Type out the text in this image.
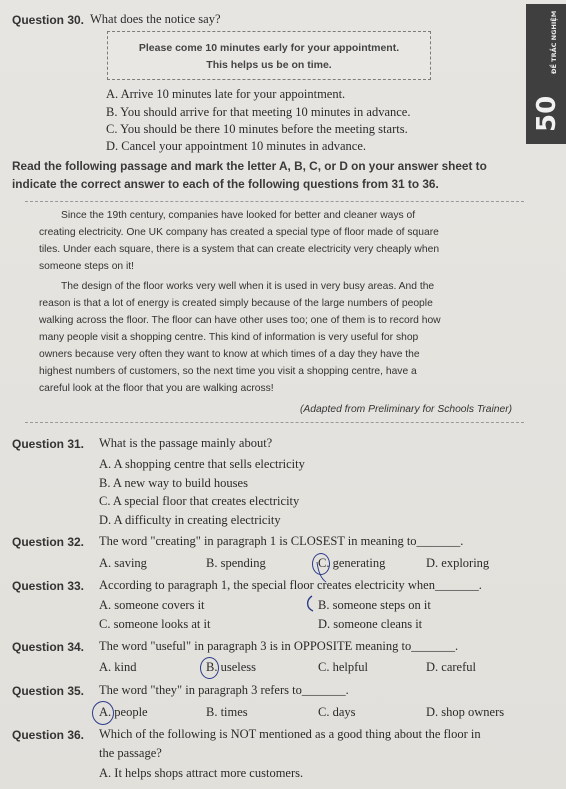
Question 30. What does the notice say?
Please come 10 minutes early for your appointment.
This helps us be on time.
A. Arrive 10 minutes late for your appointment.
B. You should arrive for that meeting 10 minutes in advance.
C. You should be there 10 minutes before the meeting starts.
D. Cancel your appointment 10 minutes in advance.
ĐỀ TRẮC NGHIỆM
50
Read the following passage and mark the letter A, B, C, or D on your answer sheet to
indicate the correct answer to each of the following questions from 31 to 36.
Since the 19th century, companies have looked for better and cleaner ways of
creating electricity. One UK company has created a special type of floor made of square
tiles. Under each square, there is a system that can create electricity very cheaply when
someone steps on it!
The design of the floor works very well when it is used in very busy areas. And the
reason is that a lot of energy is created simply because of the large numbers of people
walking across the floor. The floor can have other uses too; one of them is to record how
many people visit a shopping centre. This kind of information is very useful for shop
owners because very often they want to know at which times of a day they have the
highest numbers of customers, so the next time you visit a shopping centre, have a
careful look at the floor that you are walking across!
(Adapted from Preliminary for Schools Trainer)
Question 31. What is the passage mainly about?
A. A shopping centre that sells electricity
B. A new way to build houses
C. A special floor that creates electricity
D. A difficulty in creating electricity
Question 32. The word "creating" in paragraph 1 is CLOSEST in meaning to_______.
A. saving	B. spending	C. generating	D. exploring
Question 33. According to paragraph 1, the special floor creates electricity when_______.
A. someone covers it	B. someone steps on it
C. someone looks at it	D. someone cleans it
Question 34. The word "useful" in paragraph 3 is in OPPOSITE meaning to_______.
A. kind	B. useless	C. helpful	D. careful
Question 35. The word "they" in paragraph 3 refers to_______.
A. people	B. times	C. days	D. shop owners
Question 36. Which of the following is NOT mentioned as a good thing about the floor in
the passage?
A. It helps shops attract more customers.
